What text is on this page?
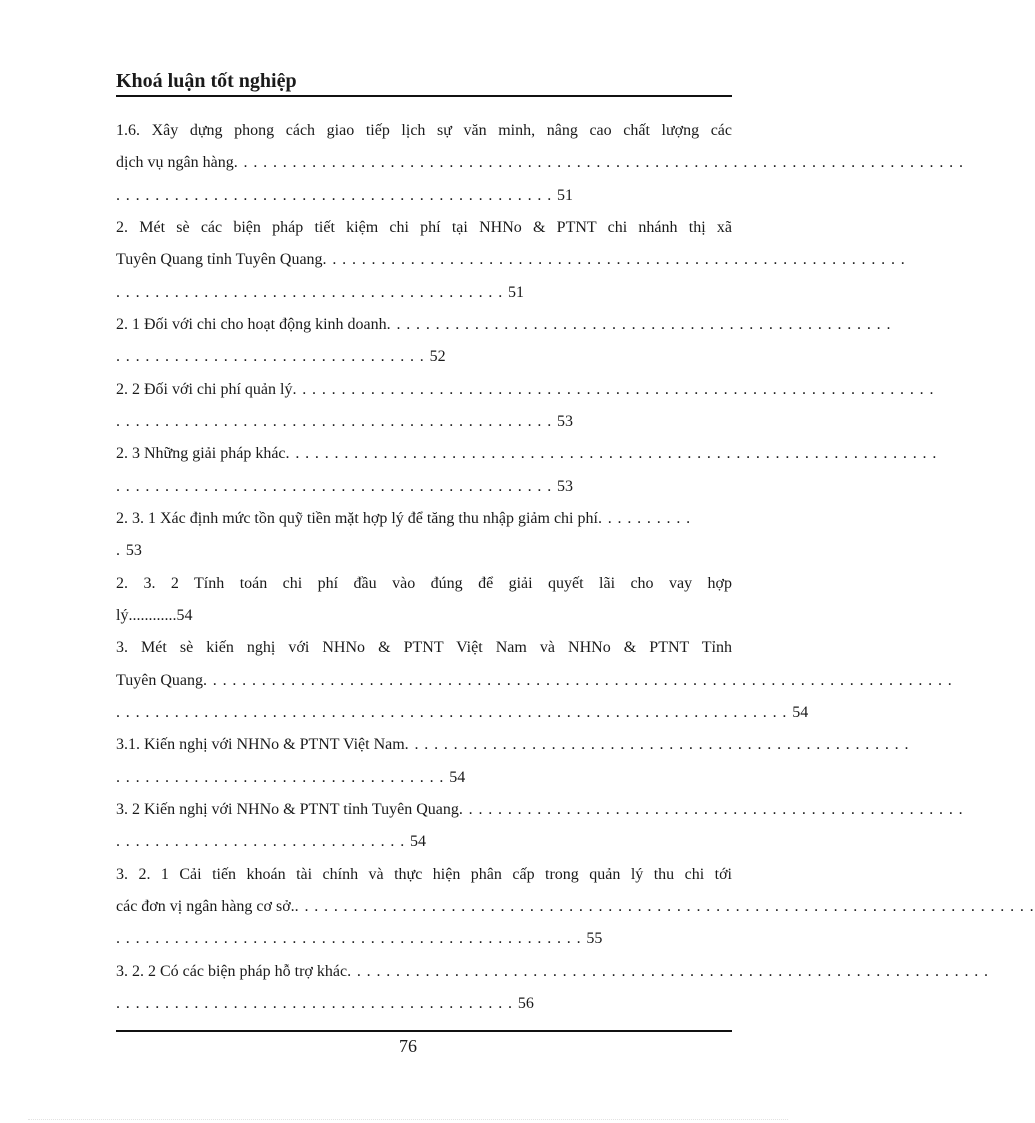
Khoá luận tốt nghiệp
1.6. Xây dựng phong cách giao tiếp lịch sự văn minh, nâng cao chất lượng các
dịch vụ ngân hàng. . . . . . . . . . . . . . . . . . . . . . . . . . . . . . . . . . . . . . . . . . . . . . . . . . . . . . . . . . . . . . . . . . . . . . . . . . .
. . . . . . . . . . . . . . . . . . . . . . . . . . . . . . . . . . . . . . . . . . . . . 51
2. Mét sè các biện pháp tiết kiệm chi phí tại NHNo & PTNT chi nhánh thị xã
Tuyên Quang tỉnh Tuyên Quang. . . . . . . . . . . . . . . . . . . . . . . . . . . . . . . . . . . . . . . . . . . . . . . . . . . . . . . . . . . .
. . . . . . . . . . . . . . . . . . . . . . . . . . . . . . . . . . . . . . . . 51
2. 1 Đối với chi cho hoạt động kinh doanh. . . . . . . . . . . . . . . . . . . . . . . . . . . . . . . . . . . . . . . . . . . . . . . . . . . .
. . . . . . . . . . . . . . . . . . . . . . . . . . . . . . . . 52
2. 2 Đối với chi phí quản lý. . . . . . . . . . . . . . . . . . . . . . . . . . . . . . . . . . . . . . . . . . . . . . . . . . . . . . . . . . . . . . . . . .
. . . . . . . . . . . . . . . . . . . . . . . . . . . . . . . . . . . . . . . . . . . . . 53
2. 3 Những giải pháp khác. . . . . . . . . . . . . . . . . . . . . . . . . . . . . . . . . . . . . . . . . . . . . . . . . . . . . . . . . . . . . . . . . . .
. . . . . . . . . . . . . . . . . . . . . . . . . . . . . . . . . . . . . . . . . . . . . 53
2. 3. 1 Xác định mức tồn quỹ tiền mặt hợp lý để tăng thu nhập giảm chi phí. . . . . . . . . .
. 53
2. 3. 2 Tính toán chi phí đầu vào đúng để giải quyết lãi cho vay hợp
lý............54
3. Mét sè kiến nghị với NHNo & PTNT Việt Nam và NHNo & PTNT Tỉnh
Tuyên Quang. . . . . . . . . . . . . . . . . . . . . . . . . . . . . . . . . . . . . . . . . . . . . . . . . . . . . . . . . . . . . . . . . . . . . . . . . . . . .
. . . . . . . . . . . . . . . . . . . . . . . . . . . . . . . . . . . . . . . . . . . . . . . . . . . . . . . . . . . . . . . . . . . . . 54
3.1. Kiến nghị với NHNo & PTNT Việt Nam. . . . . . . . . . . . . . . . . . . . . . . . . . . . . . . . . . . . . . . . . . . . . . . . . . . .
. . . . . . . . . . . . . . . . . . . . . . . . . . . . . . . . . . 54
3. 2 Kiến nghị với NHNo & PTNT tỉnh Tuyên Quang. . . . . . . . . . . . . . . . . . . . . . . . . . . . . . . . . . . . . . . . . . . . . . . . . . . .
. . . . . . . . . . . . . . . . . . . . . . . . . . . . . . 54
3. 2. 1 Cải tiến khoán tài chính và thực hiện phân cấp trong quản lý thu chi tới
các đơn vị ngân hàng cơ sở.. . . . . . . . . . . . . . . . . . . . . . . . . . . . . . . . . . . . . . . . . . . . . . . . . . . . . . . . . . . . . . . . . . . . . . . . . . . .
. . . . . . . . . . . . . . . . . . . . . . . . . . . . . . . . . . . . . . . . . . . . . . . . 55
3. 2. 2 Có các biện pháp hỗ trợ khác. . . . . . . . . . . . . . . . . . . . . . . . . . . . . . . . . . . . . . . . . . . . . . . . . . . . . . . . . . . . . . . . . .
. . . . . . . . . . . . . . . . . . . . . . . . . . . . . . . . . . . . . . . . . 56
76
